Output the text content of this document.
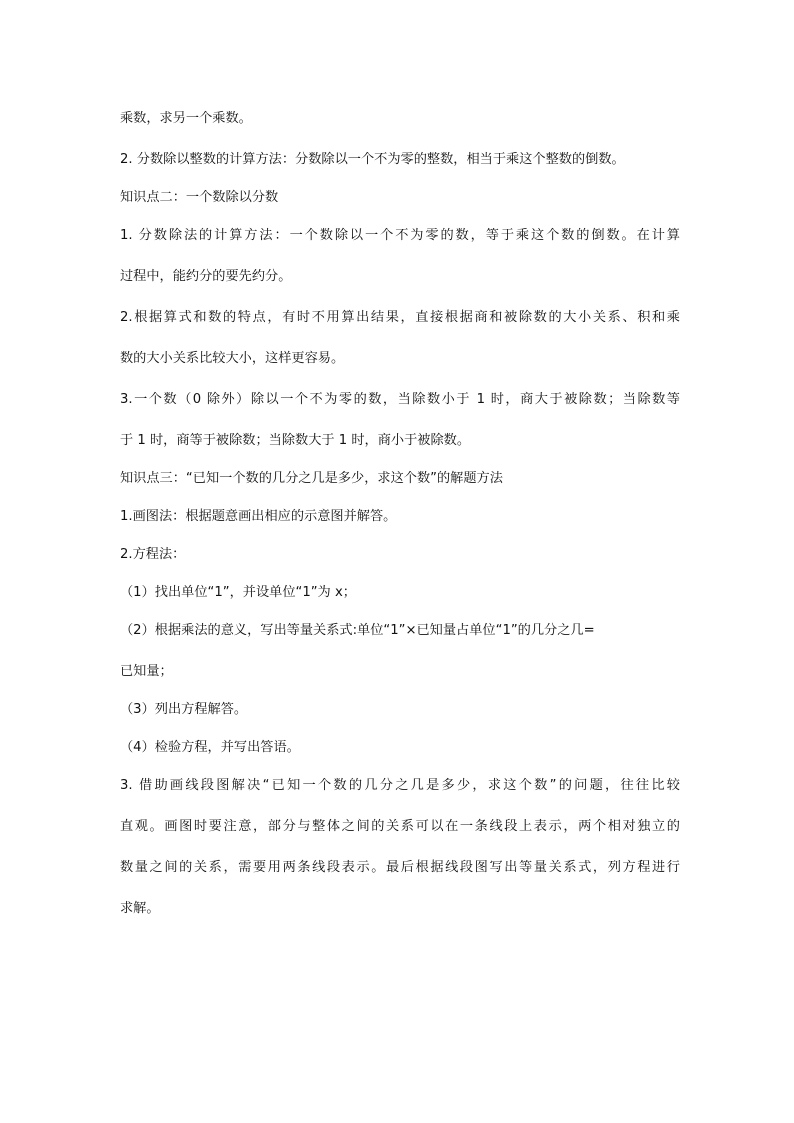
乘数，求另一个乘数。
2. 分数除以整数的计算方法：分数除以一个不为零的整数，相当于乘这个整数的倒数。
知识点二：一个数除以分数
1. 分数除法的计算方法：一个数除以一个不为零的数，等于乘这个数的倒数。在计算
过程中，能约分的要先约分。
2.根据算式和数的特点，有时不用算出结果，直接根据商和被除数的大小关系、积和乘
数的大小关系比较大小，这样更容易。
3.一个数（0 除外）除以一个不为零的数，当除数小于 1 时，商大于被除数；当除数等
于 1 时，商等于被除数；当除数大于 1 时，商小于被除数。
知识点三：“已知一个数的几分之几是多少，求这个数”的解题方法
1.画图法：根据题意画出相应的示意图并解答。
2.方程法：
（1）找出单位“1”，并设单位“1”为 x；
（2）根据乘法的意义，写出等量关系式:单位“1”×已知量占单位“1”的几分之几=
已知量；
（3）列出方程解答。
（4）检验方程，并写出答语。
3. 借助画线段图解决“已知一个数的几分之几是多少，求这个数”的问题，往往比较
直观。画图时要注意，部分与整体之间的关系可以在一条线段上表示，两个相对独立的
数量之间的关系，需要用两条线段表示。最后根据线段图写出等量关系式，列方程进行
求解。
